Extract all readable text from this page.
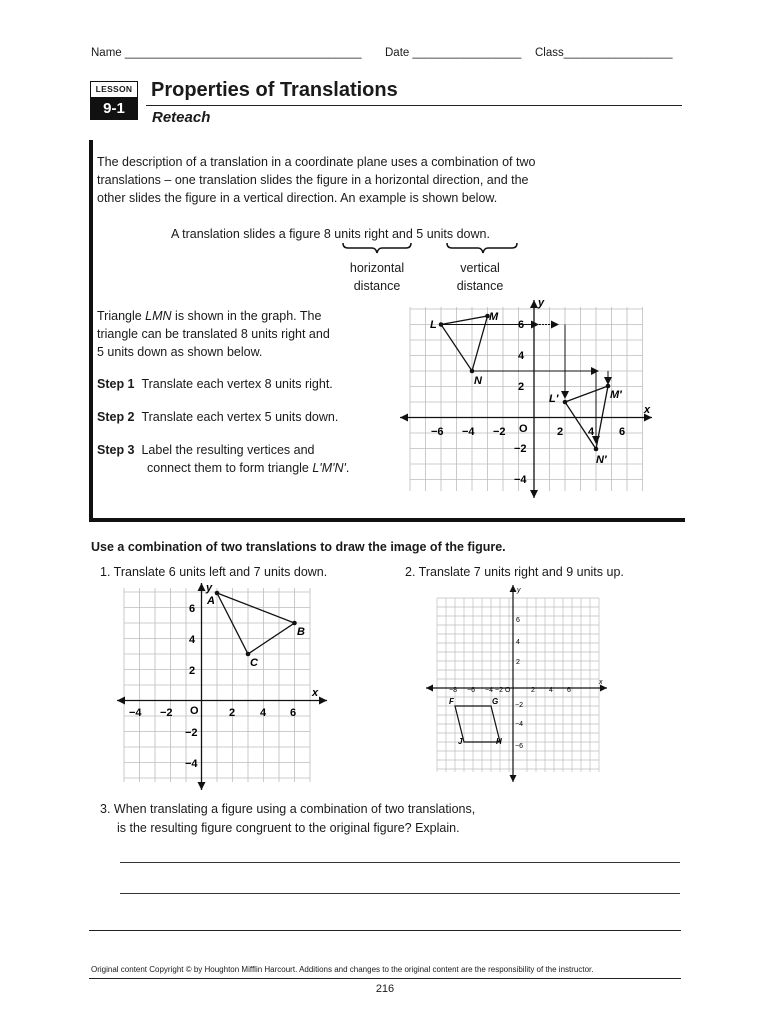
Name _____________________________________ Date _________________ Class_________________
LESSON
9-1
Properties of Translations
Reteach
The description of a translation in a coordinate plane uses a combination of two
translations – one translation slides the figure in a horizontal direction, and the
other slides the figure in a vertical direction. An example is shown below.
A translation slides a figure 8 units right and 5 units down.
horizontal
distance
vertical
distance
Triangle LMN is shown in the graph. The
triangle can be translated 8 units right and
5 units down as shown below.
Step 1 Translate each vertex 8 units right.
Step 2 Translate each vertex 5 units down.
Step 3 Label the resulting vertices and
connect them to form triangle L'M'N'.
−6 −4 −2 O	2 4 6
6
4
2
−2
−4
x
y
L
M
N
L′	M′
N′
Use a combination of two translations to draw the image of the figure.
1. Translate 6 units left and 7 units down.	2. Translate 7 units right and 9 units up.
−4 −2 O	2 4 6
6
4
2
−2
−4
x
y
A
B
C
−8 −6 −4 −2 O	2 4 6
6
4
2
−2
−4
−6
x
y
F	G
H
J
3. When translating a figure using a combination of two translations,
is the resulting figure congruent to the original figure? Explain.
Original content Copyright © by Houghton Mifflin Harcourt. Additions and changes to the original content are the responsibility of the instructor.
216
